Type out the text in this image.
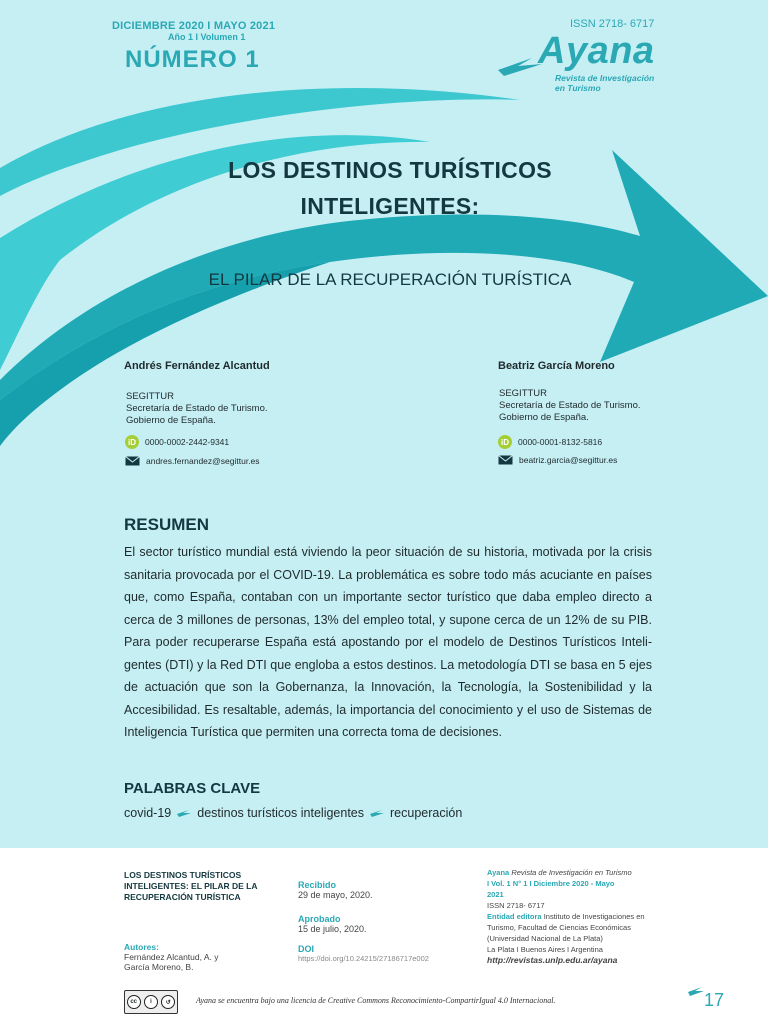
DICIEMBRE 2020 I MAYO 2021
Año 1 I Volumen 1
NÚMERO 1
ISSN 2718- 6717
Ayana
Revista de Investigación en Turismo
LOS DESTINOS TURÍSTICOS
INTELIGENTES:
EL PILAR DE LA RECUPERACIÓN TURÍSTICA
Andrés Fernández Alcantud
SEGITTUR
Secretaría de Estado de Turismo.
Gobierno de España.
iD	0000-0002-2442-9341
andres.fernandez@segittur.es
Beatriz García Moreno
SEGITTUR
Secretaría de Estado de Turismo.
Gobierno de España.
iD	0000-0001-8132-5816
beatriz.garcia@segittur.es
RESUMEN
El sector turístico mundial está viviendo la peor situación de su historia, motivada por la crisis sanitaria provocada por el COVID-19. La problemática es sobre todo más acuciante en países que, como España, contaban con un importante sector turístico que daba empleo directo a cerca de 3 millones de personas, 13% del empleo total, y supone cerca de un 12% de su PIB. Para poder recuperarse España está apostando por el modelo de Destinos Turísticos Inteli-gentes (DTI) y la Red DTI que engloba a estos destinos. La metodología DTI se basa en 5 ejes de actuación que son la Gobernanza, la Innovación, la Tecnología, la Sostenibilidad y la Accesibilidad. Es resaltable, además, la importancia del conocimiento y el uso de Sistemas de Inteligencia Turística que permiten una correcta toma de decisiones.
PALABRAS CLAVE
covid-19 destinos turísticos inteligentes recuperación
LOS DESTINOS TURÍSTICOS
INTELIGENTES: EL PILAR DE LA
RECUPERACIÓN TURÍSTICA
Autores:
Fernández Alcantud, A. y
García Moreno, B.
Recibido
29 de mayo, 2020.
Aprobado
15 de julio, 2020.
DOI
https://doi.org/10.24215/27186717e002
Ayana Revista de Investigación en Turismo
I Vol. 1 N° 1 I Diciembre 2020 - Mayo
2021
ISSN 2718- 6717
Entidad editora Instituto de Investigaciones en
Turismo, Facultad de Ciencias Económicas
(Universidad Nacional de La Plata)
La Plata I Buenos Aires I Argentina
http://revistas.unlp.edu.ar/ayana
cc	i	↺	Ayana se encuentra bajo una licencia de Creative Commons Reconocimiento-CompartirIgual 4.0 Internacional.	17
